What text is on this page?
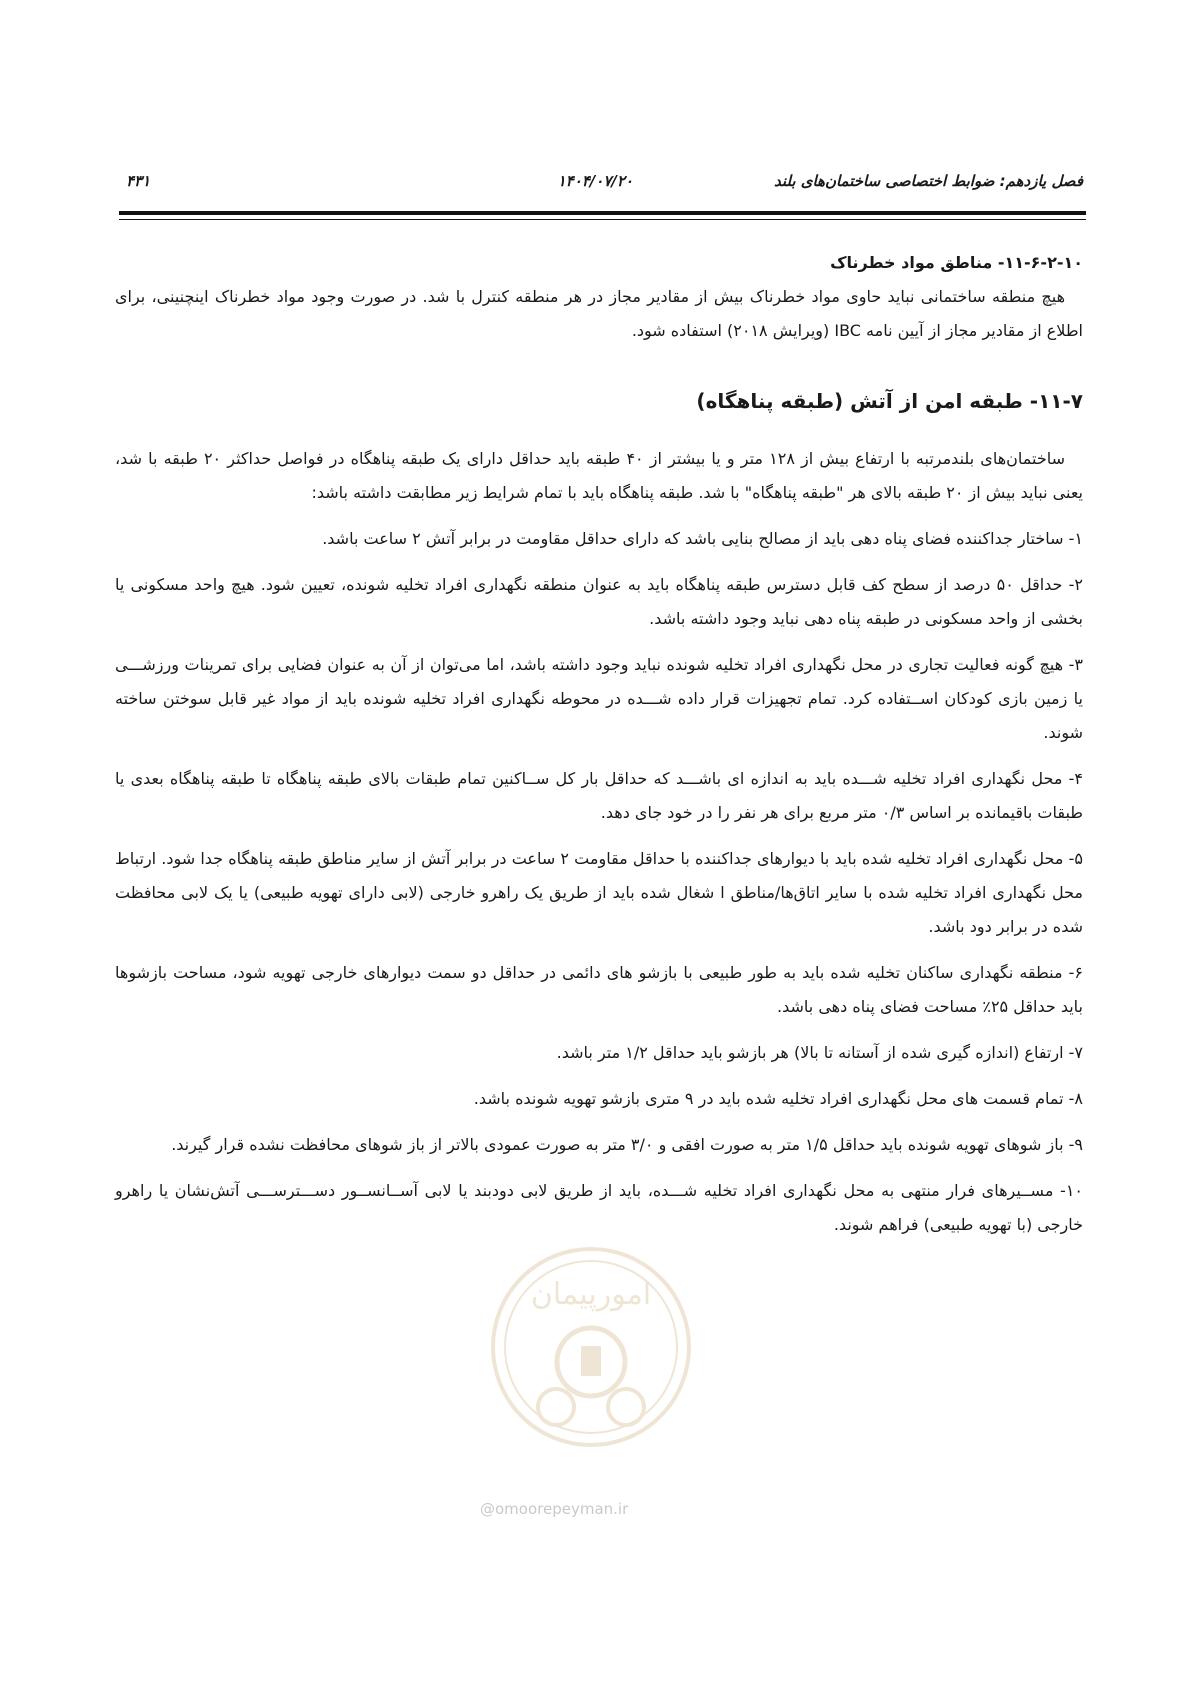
فصل یازدهم: ضوابط اختصاصی ساختمان‌های بلند
۱۴۰۴/۰۷/۲۰
۴۳۱

۱۱-۶-۲-۱۰- مناطق مواد خطرناک

هیچ منطقه ساختمانی نباید حاوی مواد خطرناک بیش از مقادیر مجاز در هر منطقه کنترل با شد. در صورت وجود مواد خطرناک اینچنینی، برای اطلاع از مقادیر مجاز از آیین نامه IBC (ویرایش ۲۰۱۸) استفاده شود.

۱۱-۷- طبقه امن از آتش (طبقه پناهگاه)

ساختمان‌های بلندمرتبه با ارتفاع بیش از ۱۲۸ متر و یا بیشتر از ۴۰ طبقه باید حداقل دارای یک طبقه پناهگاه در فواصل حداکثر ۲۰ طبقه با شد، یعنی نباید بیش از ۲۰ طبقه بالای هر "طبقه پناهگاه" با شد. طبقه پناهگاه باید با تمام شرایط زیر مطابقت داشته باشد:

۱- ساختار جداکننده فضای پناه دهی باید از مصالح بنایی باشد که دارای حداقل مقاومت در برابر آتش ۲ ساعت باشد.

۲- حداقل ۵۰ درصد از سطح کف قابل دسترس طبقه پناهگاه باید به عنوان منطقه نگهداری افراد تخلیه شونده، تعیین شود. هیچ واحد مسکونی یا بخشی از واحد مسکونی در طبقه پناه دهی نباید وجود داشته باشد.

۳- هیچ گونه فعالیت تجاری در محل نگهداری افراد تخلیه شونده نباید وجود داشته باشد، اما می‌توان از آن به عنوان فضایی برای تمرینات ورزشـــی یا زمین بازی کودکان اســتفاده کرد. تمام تجهیزات قرار داده شـــده در محوطه نگهداری افراد تخلیه شونده باید از مواد غیر قابل سوختن ساخته شوند.

۴- محل نگهداری افراد تخلیه شـــده باید به اندازه ای باشـــد که حداقل بار کل ســاکنین تمام طبقات بالای طبقه پناهگاه تا طبقه پناهگاه بعدی یا طبقات باقیمانده بر اساس ۰/۳ متر مربع برای هر نفر را در خود جای دهد.

۵- محل نگهداری افراد تخلیه شده باید با دیوارهای جداکننده با حداقل مقاومت ۲ ساعت در برابر آتش از سایر مناطق طبقه پناهگاه جدا شود. ارتباط محل نگهداری افراد تخلیه شده با سایر اتاق‌ها/مناطق ا شغال شده باید از طریق یک راهرو خارجی (لابی دارای تهویه طبیعی) یا یک لابی محافظت شده در برابر دود باشد.

۶- منطقه نگهداری ساکنان تخلیه شده باید به طور طبیعی با بازشو های دائمی در حداقل دو سمت دیوارهای خارجی تهویه شود، مساحت بازشوها باید حداقل ۲۵٪ مساحت فضای پناه دهی باشد.

۷- ارتفاع (اندازه گیری شده از آستانه تا بالا) هر بازشو باید حداقل ۱/۲ متر باشد.

۸- تمام قسمت های محل نگهداری افراد تخلیه شده باید در ۹ متری بازشو تهویه شونده باشد.

۹- باز شوهای تهویه شونده باید حداقل ۱/۵ متر به صورت افقی و ۳/۰ متر به صورت عمودی بالاتر از باز شوهای محافظت نشده قرار گیرند.

۱۰- مســیرهای فرار منتهی به محل نگهداری افراد تخلیه شـــده، باید از طریق لابی دودبند یا لابی آســانســور دســـترســـی آتش‌نشان یا راهرو خارجی (با تهویه طبیعی) فراهم شوند.

امورپیمان
@omoorepeyman.ir
